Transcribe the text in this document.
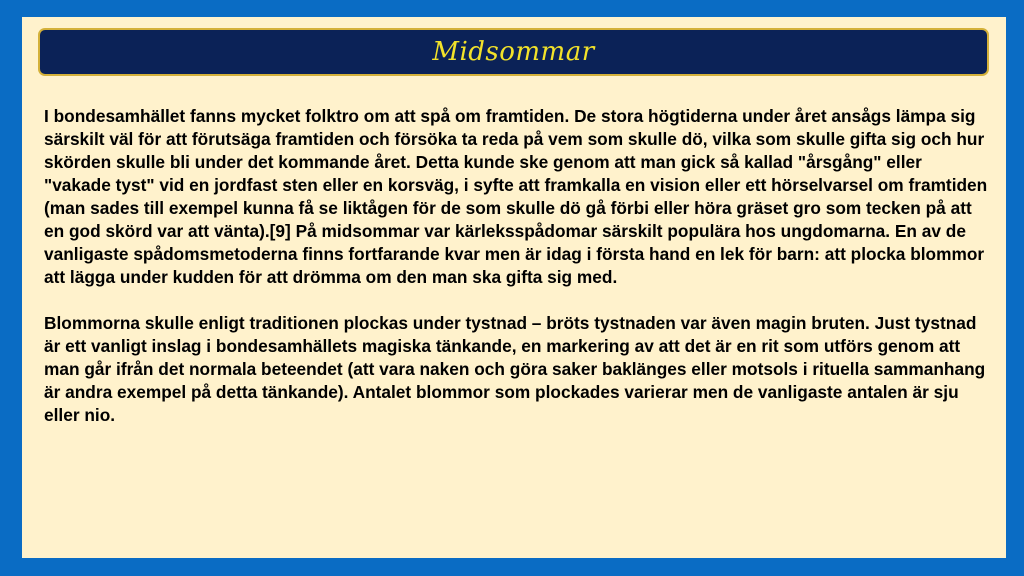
Midsommar

I bondesamhället fanns mycket folktro om att spå om framtiden. De stora högtiderna under året ansågs lämpa sig särskilt väl för att förutsäga framtiden och försöka ta reda på vem som skulle dö, vilka som skulle gifta sig och hur skörden skulle bli under det kommande året. Detta kunde ske genom att man gick så kallad "årsgång" eller "vakade tyst" vid en jordfast sten eller en korsväg, i syfte att framkalla en vision eller ett hörselvarsel om framtiden (man sades till exempel kunna få se liktågen för de som skulle dö gå förbi eller höra gräset gro som tecken på att en god skörd var att vänta).[9] På midsommar var kärleksspådomar särskilt populära hos ungdomarna. En av de vanligaste spådomsmetoderna finns fortfarande kvar men är idag i första hand en lek för barn: att plocka blommor att lägga under kudden för att drömma om den man ska gifta sig med.

Blommorna skulle enligt traditionen plockas under tystnad – bröts tystnaden var även magin bruten. Just tystnad är ett vanligt inslag i bondesamhällets magiska tänkande, en markering av att det är en rit som utförs genom att man går ifrån det normala beteendet (att vara naken och göra saker baklänges eller motsols i rituella sammanhang är andra exempel på detta tänkande). Antalet blommor som plockades varierar men de vanligaste antalen är sju eller nio.
